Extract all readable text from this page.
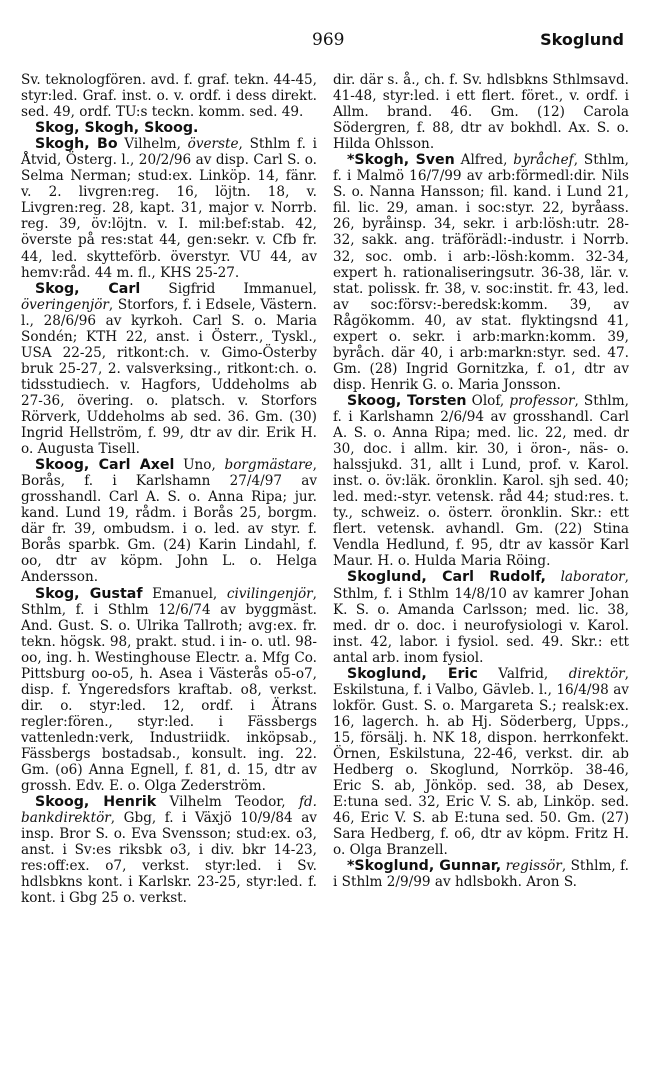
969	Skoglund

Sv. teknologfören. avd. f. graf. tekn. 44-45, styr:led. Graf. inst. o. v. ordf. i dess direkt. sed. 49, ordf. TU:s teckn. komm. sed. 49.

Skog, Skogh, Skoog.

Skogh, Bo Vilhelm, överste, Sthlm f. i Åtvid, Österg. l., 20/2/96 av disp. Carl S. o. Selma Nerman; stud:ex. Linköp. 14, fänr. v. 2. livgren:reg. 16, löjtn. 18, v. Livgren:reg. 28, kapt. 31, major v. Norrb. reg. 39, öv:löjtn. v. I. mil:bef:stab. 42, överste på res:stat 44, gen:sekr. v. Cfb fr. 44, led. skytteförb. överstyr. VU 44, av hemv:råd. 44 m. fl., KHS 25-27.

Skog, Carl Sigfrid Immanuel, överingenjör, Storfors, f. i Edsele, Västern. l., 28/6/96 av kyrkoh. Carl S. o. Maria Sondén; KTH 22, anst. i Österr., Tyskl., USA 22-25, ritkont:ch. v. Gimo-Österby bruk 25-27, 2. valsverksing., ritkont:ch. o. tidsstudiech. v. Hagfors, Uddeholms ab 27-36, övering. o. platsch. v. Storfors Rörverk, Uddeholms ab sed. 36. Gm. (30) Ingrid Hellström, f. 99, dtr av dir. Erik H. o. Augusta Tisell.

Skoog, Carl Axel Uno, borgmästare, Borås, f. i Karlshamn 27/4/97 av grosshandl. Carl A. S. o. Anna Ripa; jur. kand. Lund 19, rådm. i Borås 25, borgm. där fr. 39, ombudsm. i o. led. av styr. f. Borås sparbk. Gm. (24) Karin Lindahl, f. oo, dtr av köpm. John L. o. Helga Andersson.

Skog, Gustaf Emanuel, civilingenjör, Sthlm, f. i Sthlm 12/6/74 av byggmäst. And. Gust. S. o. Ulrika Tallroth; avg:ex. fr. tekn. högsk. 98, prakt. stud. i in- o. utl. 98-oo, ing. h. Westinghouse Electr. a. Mfg Co. Pittsburg oo-o5, h. Asea i Västerås o5-o7, disp. f. Yngeredsfors kraftab. o8, verkst. dir. o. styr:led. 12, ordf. i Ätrans regler:fören., styr:led. i Fässbergs vattenledn:verk, Industriidk. inköpsab., Fässbergs bostadsab., konsult. ing. 22. Gm. (o6) Anna Egnell, f. 81, d. 15, dtr av grossh. Edv. E. o. Olga Zederström.

Skoog, Henrik Vilhelm Teodor, fd. bankdirektör, Gbg, f. i Växjö 10/9/84 av insp. Bror S. o. Eva Svensson; stud:ex. o3, anst. i Sv:es riksbk o3, i div. bkr 14-23, res:off:ex. o7, verkst. styr:led. i Sv. hdlsbkns kont. i Karlskr. 23-25, styr:led. f. kont. i Gbg 25 o. verkst.

dir. där s. å., ch. f. Sv. hdlsbkns Sthlmsavd. 41-48, styr:led. i ett flert. föret., v. ordf. i Allm. brand. 46. Gm. (12) Carola Södergren, f. 88, dtr av bokhdl. Ax. S. o. Hilda Ohlsson.

*Skogh, Sven Alfred, byråchef, Sthlm, f. i Malmö 16/7/99 av arb:förmedl:dir. Nils S. o. Nanna Hansson; fil. kand. i Lund 21, fil. lic. 29, aman. i soc:styr. 22, byråass. 26, byråinsp. 34, sekr. i arb:lösh:utr. 28-32, sakk. ang. träförädl:-industr. i Norrb. 32, soc. omb. i arb:-lösh:komm. 32-34, expert h. rationaliseringsutr. 36-38, lär. v. stat. polissk. fr. 38, v. soc:instit. fr. 43, led. av soc:försv:-beredsk:komm. 39, av Rågökomm. 40, av stat. flyktingsnd 41, expert o. sekr. i arb:markn:komm. 39, byråch. där 40, i arb:markn:styr. sed. 47. Gm. (28) Ingrid Gornitzka, f. o1, dtr av disp. Henrik G. o. Maria Jonsson.

Skoog, Torsten Olof, professor, Sthlm, f. i Karlshamn 2/6/94 av grosshandl. Carl A. S. o. Anna Ripa; med. lic. 22, med. dr 30, doc. i allm. kir. 30, i öron-, näs- o. halssjukd. 31, allt i Lund, prof. v. Karol. inst. o. öv:läk. öronklin. Karol. sjh sed. 40; led. med:-styr. vetensk. råd 44; stud:res. t. ty., schweiz. o. österr. öronklin. Skr.: ett flert. vetensk. avhandl. Gm. (22) Stina Vendla Hedlund, f. 95, dtr av kassör Karl Maur. H. o. Hulda Maria Röing.

Skoglund, Carl Rudolf, laborator, Sthlm, f. i Sthlm 14/8/10 av kamrer Johan K. S. o. Amanda Carlsson; med. lic. 38, med. dr o. doc. i neurofysiologi v. Karol. inst. 42, labor. i fysiol. sed. 49. Skr.: ett antal arb. inom fysiol.

Skoglund, Eric Valfrid, direktör, Eskilstuna, f. i Valbo, Gävleb. l., 16/4/98 av lokför. Gust. S. o. Margareta S.; realsk:ex. 16, lagerch. h. ab Hj. Söderberg, Upps., 15, försälj. h. NK 18, dispon. herrkonfekt. Örnen, Eskilstuna, 22-46, verkst. dir. ab Hedberg o. Skoglund, Norrköp. 38-46, Eric S. ab, Jönköp. sed. 38, ab Desex, E:tuna sed. 32, Eric V. S. ab, Linköp. sed. 46, Eric V. S. ab E:tuna sed. 50. Gm. (27) Sara Hedberg, f. o6, dtr av köpm. Fritz H. o. Olga Branzell.

*Skoglund, Gunnar, regissör, Sthlm, f. i Sthlm 2/9/99 av hdlsbokh. Aron S.
